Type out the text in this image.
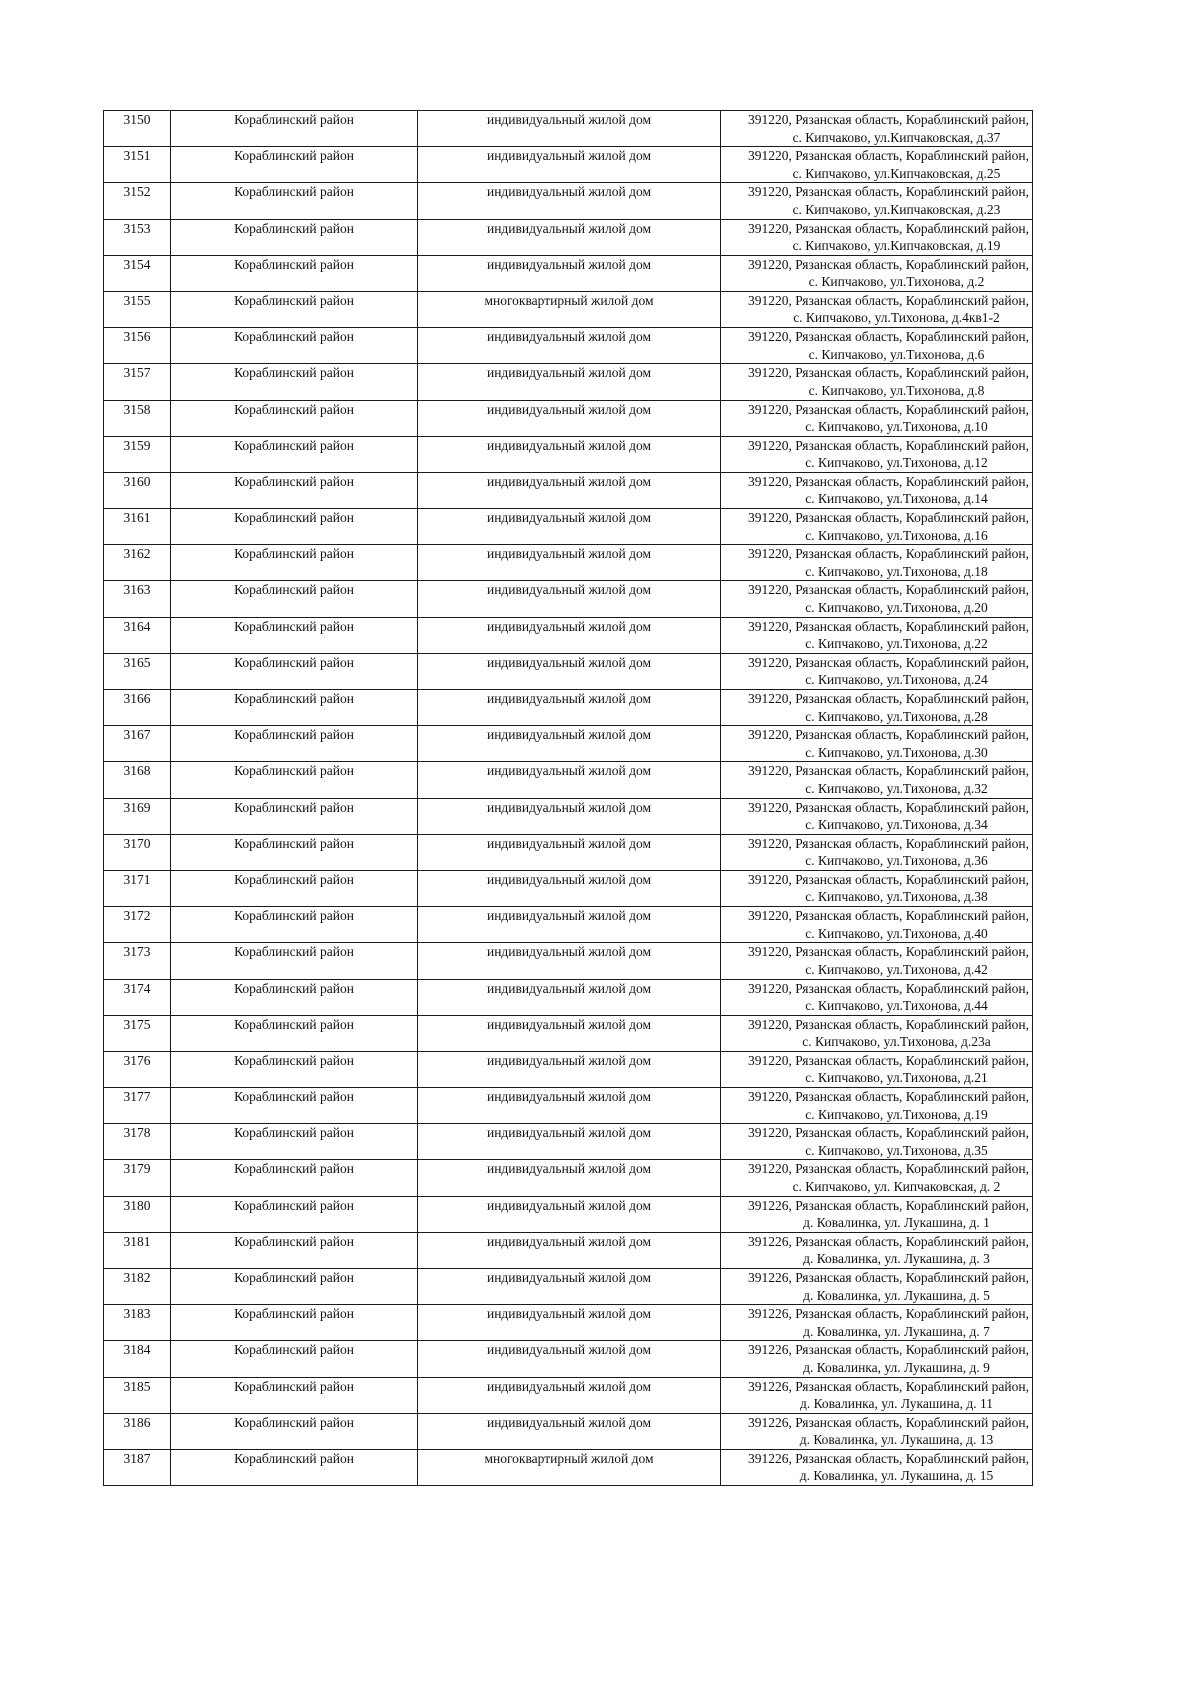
3150	Кораблинский район	индивидуальный жилой дом	391220, Рязанская область, Кораблинский район,
с. Кипчаково, ул.Кипчаковская, д.37

3151	Кораблинский район	индивидуальный жилой дом	391220, Рязанская область, Кораблинский район,
с. Кипчаково, ул.Кипчаковская, д.25

3152	Кораблинский район	индивидуальный жилой дом	391220, Рязанская область, Кораблинский район,
с. Кипчаково, ул.Кипчаковская, д.23

3153	Кораблинский район	индивидуальный жилой дом	391220, Рязанская область, Кораблинский район,
с. Кипчаково, ул.Кипчаковская, д.19

3154	Кораблинский район	индивидуальный жилой дом	391220, Рязанская область, Кораблинский район,
с. Кипчаково, ул.Тихонова, д.2

3155	Кораблинский район	многоквартирный жилой дом	391220, Рязанская область, Кораблинский район,
с. Кипчаково, ул.Тихонова, д.4кв1-2

3156	Кораблинский район	индивидуальный жилой дом	391220, Рязанская область, Кораблинский район,
с. Кипчаково, ул.Тихонова, д.6

3157	Кораблинский район	индивидуальный жилой дом	391220, Рязанская область, Кораблинский район,
с. Кипчаково, ул.Тихонова, д.8

3158	Кораблинский район	индивидуальный жилой дом	391220, Рязанская область, Кораблинский район,
с. Кипчаково, ул.Тихонова, д.10

3159	Кораблинский район	индивидуальный жилой дом	391220, Рязанская область, Кораблинский район,
с. Кипчаково, ул.Тихонова, д.12

3160	Кораблинский район	индивидуальный жилой дом	391220, Рязанская область, Кораблинский район,
с. Кипчаково, ул.Тихонова, д.14

3161	Кораблинский район	индивидуальный жилой дом	391220, Рязанская область, Кораблинский район,
с. Кипчаково, ул.Тихонова, д.16

3162	Кораблинский район	индивидуальный жилой дом	391220, Рязанская область, Кораблинский район,
с. Кипчаково, ул.Тихонова, д.18

3163	Кораблинский район	индивидуальный жилой дом	391220, Рязанская область, Кораблинский район,
с. Кипчаково, ул.Тихонова, д.20

3164	Кораблинский район	индивидуальный жилой дом	391220, Рязанская область, Кораблинский район,
с. Кипчаково, ул.Тихонова, д.22

3165	Кораблинский район	индивидуальный жилой дом	391220, Рязанская область, Кораблинский район,
с. Кипчаково, ул.Тихонова, д.24

3166	Кораблинский район	индивидуальный жилой дом	391220, Рязанская область, Кораблинский район,
с. Кипчаково, ул.Тихонова, д.28

3167	Кораблинский район	индивидуальный жилой дом	391220, Рязанская область, Кораблинский район,
с. Кипчаково, ул.Тихонова, д.30

3168	Кораблинский район	индивидуальный жилой дом	391220, Рязанская область, Кораблинский район,
с. Кипчаково, ул.Тихонова, д.32

3169	Кораблинский район	индивидуальный жилой дом	391220, Рязанская область, Кораблинский район,
с. Кипчаково, ул.Тихонова, д.34

3170	Кораблинский район	индивидуальный жилой дом	391220, Рязанская область, Кораблинский район,
с. Кипчаково, ул.Тихонова, д.36

3171	Кораблинский район	индивидуальный жилой дом	391220, Рязанская область, Кораблинский район,
с. Кипчаково, ул.Тихонова, д.38

3172	Кораблинский район	индивидуальный жилой дом	391220, Рязанская область, Кораблинский район,
с. Кипчаково, ул.Тихонова, д.40

3173	Кораблинский район	индивидуальный жилой дом	391220, Рязанская область, Кораблинский район,
с. Кипчаково, ул.Тихонова, д.42

3174	Кораблинский район	индивидуальный жилой дом	391220, Рязанская область, Кораблинский район,
с. Кипчаково, ул.Тихонова, д.44

3175	Кораблинский район	индивидуальный жилой дом	391220, Рязанская область, Кораблинский район,
с. Кипчаково, ул.Тихонова, д.23а

3176	Кораблинский район	индивидуальный жилой дом	391220, Рязанская область, Кораблинский район,
с. Кипчаково, ул.Тихонова, д.21

3177	Кораблинский район	индивидуальный жилой дом	391220, Рязанская область, Кораблинский район,
с. Кипчаково, ул.Тихонова, д.19

3178	Кораблинский район	индивидуальный жилой дом	391220, Рязанская область, Кораблинский район,
с. Кипчаково, ул.Тихонова, д.35

3179	Кораблинский район	индивидуальный жилой дом	391220, Рязанская область, Кораблинский район,
с. Кипчаково, ул. Кипчаковская, д. 2

3180	Кораблинский район	индивидуальный жилой дом	391226, Рязанская область, Кораблинский район,
д. Ковалинка, ул. Лукашина, д. 1

3181	Кораблинский район	индивидуальный жилой дом	391226, Рязанская область, Кораблинский район,
д. Ковалинка, ул. Лукашина, д. 3

3182	Кораблинский район	индивидуальный жилой дом	391226, Рязанская область, Кораблинский район,
д. Ковалинка, ул. Лукашина, д. 5

3183	Кораблинский район	индивидуальный жилой дом	391226, Рязанская область, Кораблинский район,
д. Ковалинка, ул. Лукашина, д. 7

3184	Кораблинский район	индивидуальный жилой дом	391226, Рязанская область, Кораблинский район,
д. Ковалинка, ул. Лукашина, д. 9

3185	Кораблинский район	индивидуальный жилой дом	391226, Рязанская область, Кораблинский район,
д. Ковалинка, ул. Лукашина, д. 11

3186	Кораблинский район	индивидуальный жилой дом	391226, Рязанская область, Кораблинский район,
д. Ковалинка, ул. Лукашина, д. 13

3187	Кораблинский район	многоквартирный жилой дом	391226, Рязанская область, Кораблинский район,
д. Ковалинка, ул. Лукашина, д. 15
